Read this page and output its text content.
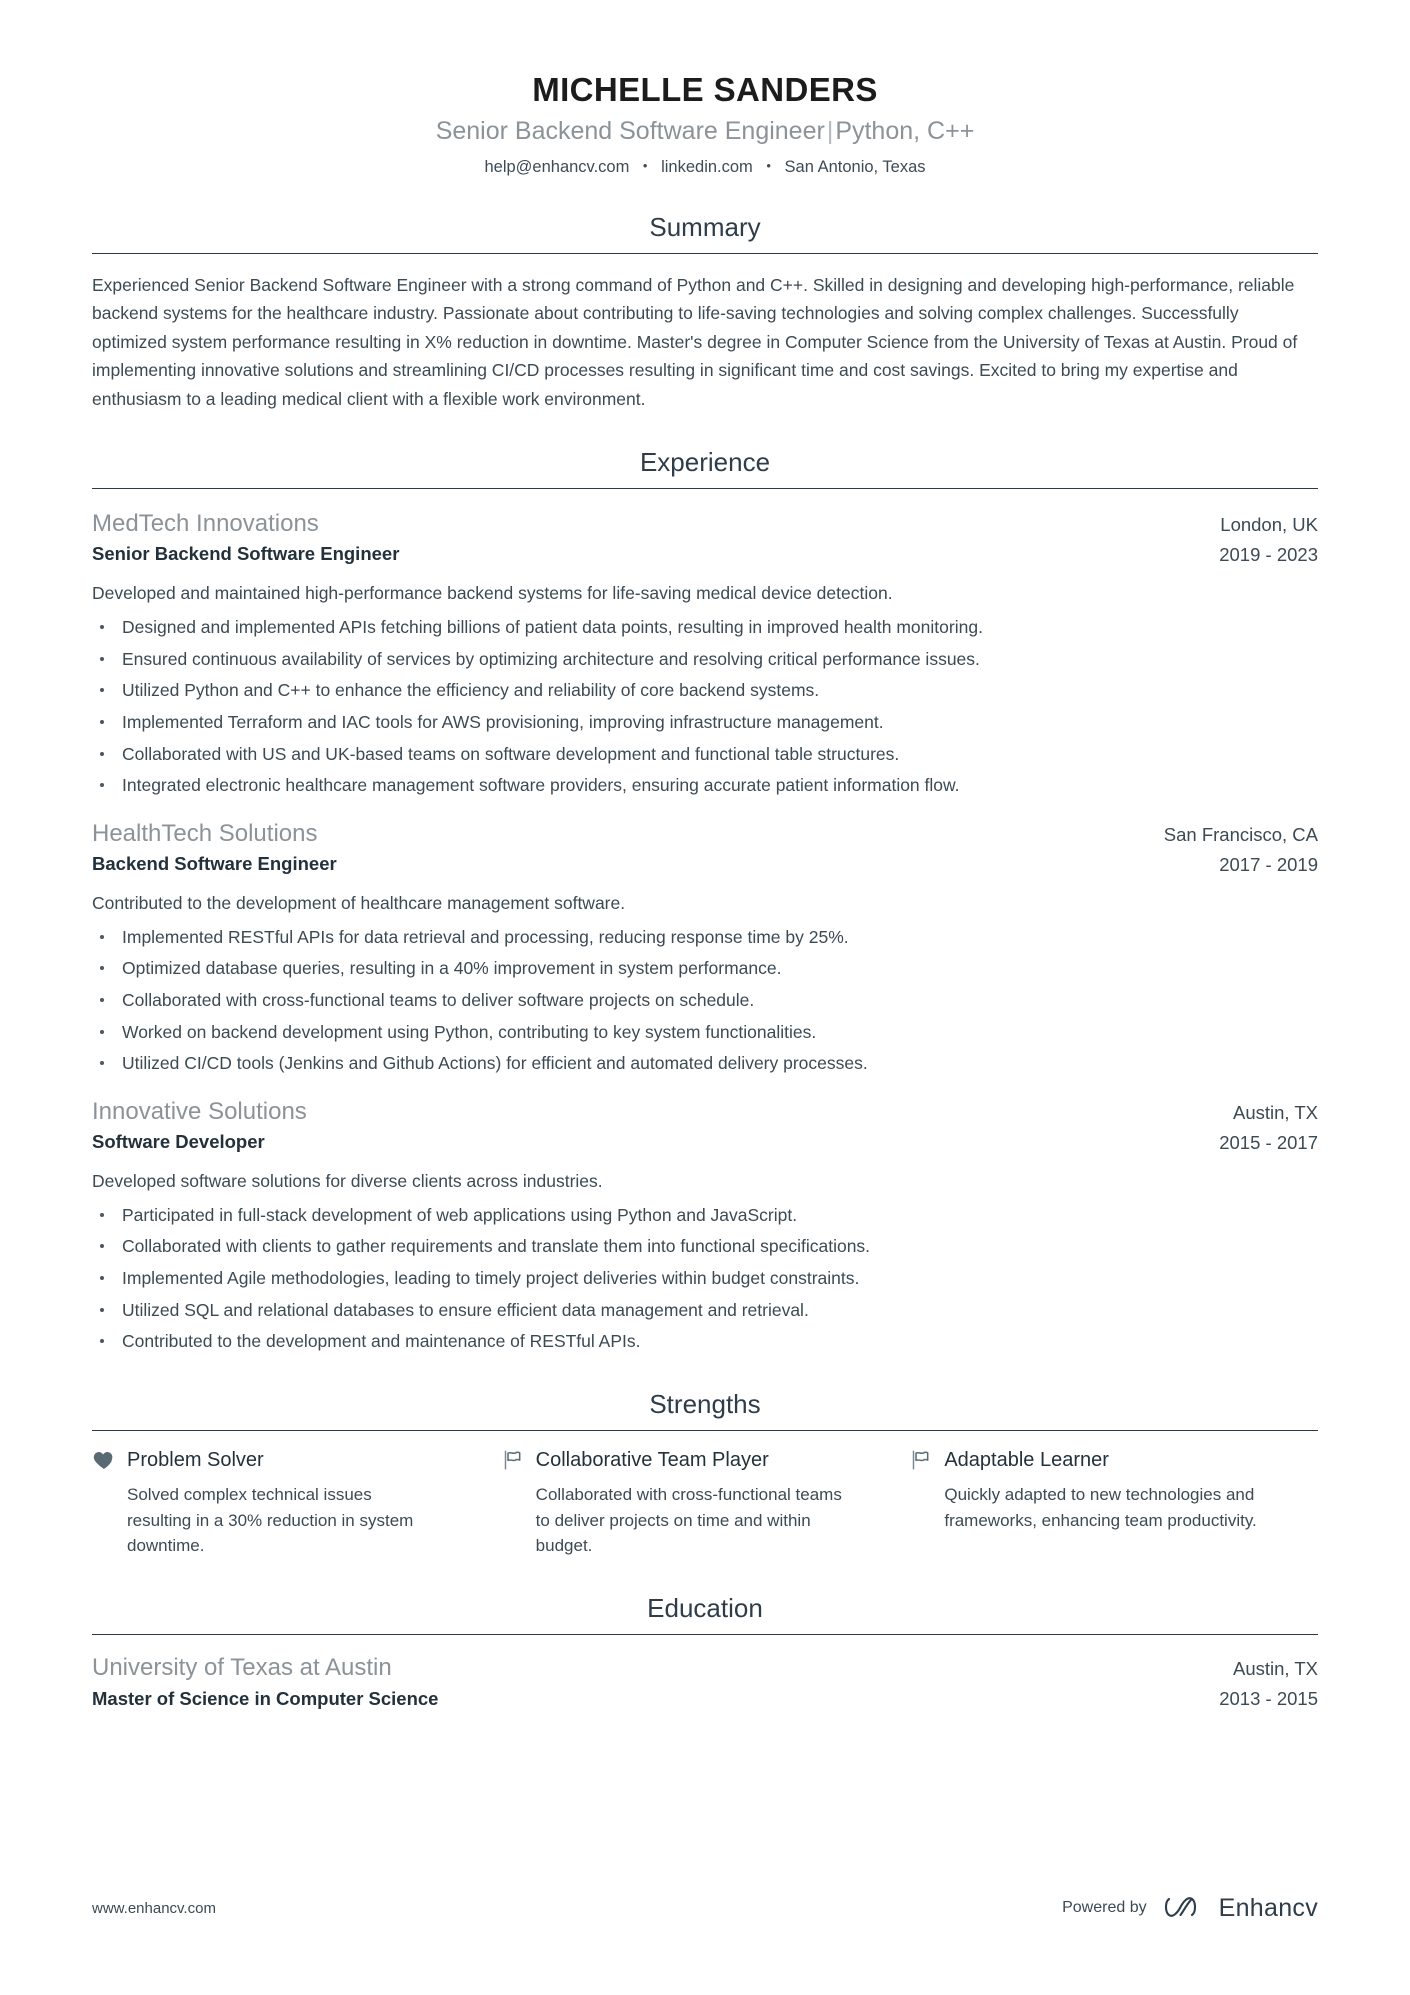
MICHELLE SANDERS
Senior Backend Software Engineer|Python, C++
help@enhancv.com • linkedin.com • San Antonio, Texas
Summary

Experienced Senior Backend Software Engineer with a strong command of Python and C++. Skilled in designing and developing high-performance, reliable backend systems for the healthcare industry. Passionate about contributing to life-saving technologies and solving complex challenges. Successfully optimized system performance resulting in X% reduction in downtime. Master's degree in Computer Science from the University of Texas at Austin. Proud of implementing innovative solutions and streamlining CI/CD processes resulting in significant time and cost savings. Excited to bring my expertise and enthusiasm to a leading medical client with a flexible work environment.

Experience
MedTech Innovations
Senior Backend Software Engineer
London, UK
2019 - 2023
Developed and maintained high-performance backend systems for life-saving medical device detection.
Designed and implemented APIs fetching billions of patient data points, resulting in improved health monitoring.
Ensured continuous availability of services by optimizing architecture and resolving critical performance issues.
Utilized Python and C++ to enhance the efficiency and reliability of core backend systems.
Implemented Terraform and IAC tools for AWS provisioning, improving infrastructure management.
Collaborated with US and UK-based teams on software development and functional table structures.
Integrated electronic healthcare management software providers, ensuring accurate patient information flow.
HealthTech Solutions
Backend Software Engineer
San Francisco, CA
2017 - 2019
Contributed to the development of healthcare management software.
Implemented RESTful APIs for data retrieval and processing, reducing response time by 25%.
Optimized database queries, resulting in a 40% improvement in system performance.
Collaborated with cross-functional teams to deliver software projects on schedule.
Worked on backend development using Python, contributing to key system functionalities.
Utilized CI/CD tools (Jenkins and Github Actions) for efficient and automated delivery processes.
Innovative Solutions
Software Developer
Austin, TX
2015 - 2017
Developed software solutions for diverse clients across industries.
Participated in full-stack development of web applications using Python and JavaScript.
Collaborated with clients to gather requirements and translate them into functional specifications.
Implemented Agile methodologies, leading to timely project deliveries within budget constraints.
Utilized SQL and relational databases to ensure efficient data management and retrieval.
Contributed to the development and maintenance of RESTful APIs.
Strengths
Problem Solver
Solved complex technical issues resulting in a 30% reduction in system downtime.
Collaborative Team Player
Collaborated with cross-functional teams to deliver projects on time and within budget.
Adaptable Learner
Quickly adapted to new technologies and frameworks, enhancing team productivity.
Education
University of Texas at Austin
Master of Science in Computer Science
Austin, TX
2013 - 2015
www.enhancv.com	Powered by	Enhancv
